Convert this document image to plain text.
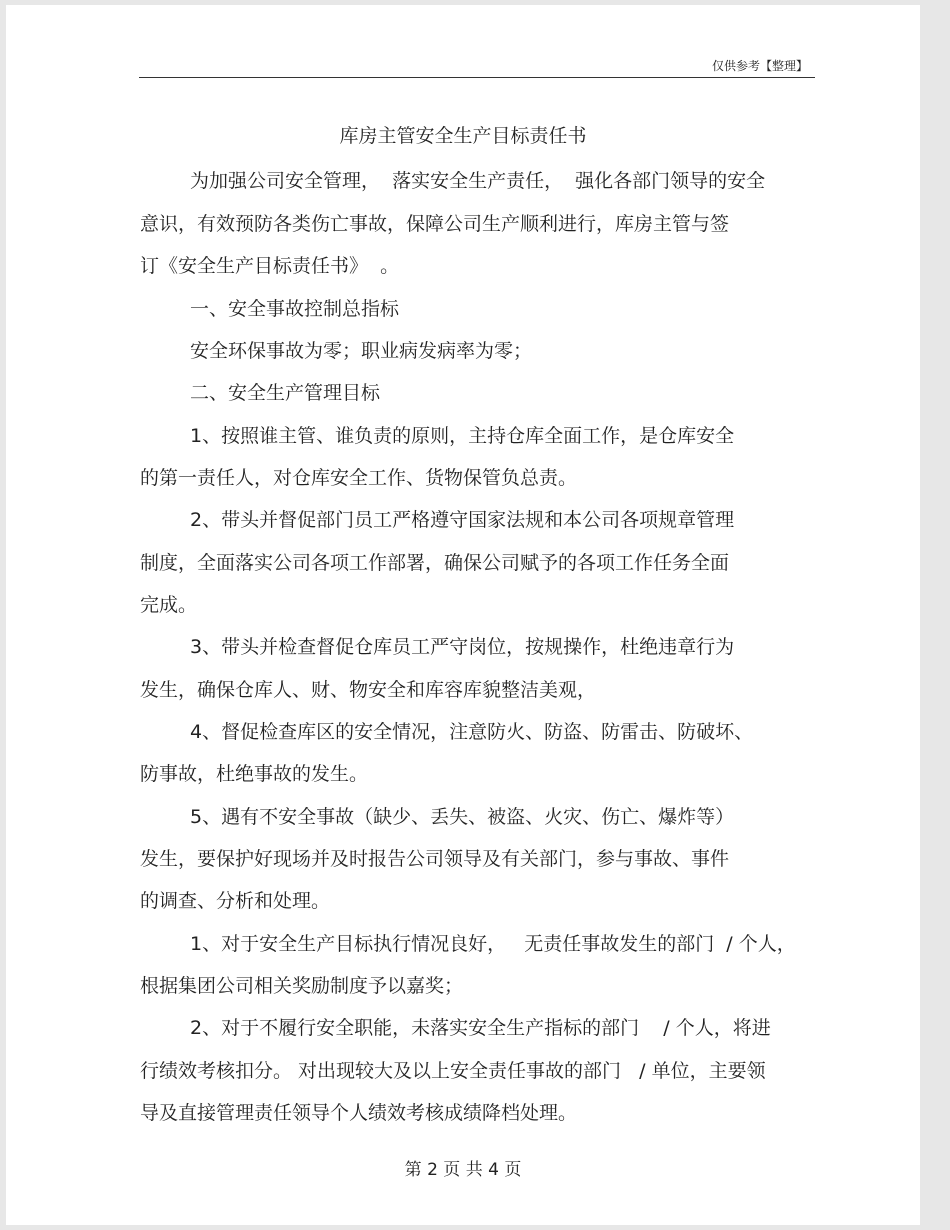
仅供参考【整理】
库房主管安全生产目标责任书
为加强公司安全管理，  落实安全生产责任，  强化各部门领导的安全
意识，有效预防各类伤亡事故，保障公司生产顺利进行，库房主管与签
订《安全生产目标责任书》  。
一、安全事故控制总指标
安全环保事故为零；职业病发病率为零；
二、安全生产管理目标
1、按照谁主管、谁负责的原则，主持仓库全面工作，是仓库安全
的第一责任人，对仓库安全工作、货物保管负总责。
2、带头并督促部门员工严格遵守国家法规和本公司各项规章管理
制度，全面落实公司各项工作部署，确保公司赋予的各项工作任务全面
完成。
3、带头并检查督促仓库员工严守岗位，按规操作，杜绝违章行为
发生，确保仓库人、财、物安全和库容库貌整洁美观，
4、督促检查库区的安全情况，注意防火、防盗、防雷击、防破坏、
防事故，杜绝事故的发生。
5、遇有不安全事故（缺少、丢失、被盗、火灾、伤亡、爆炸等）
发生，要保护好现场并及时报告公司领导及有关部门，参与事故、事件
的调查、分析和处理。
1、对于安全生产目标执行情况良好，   无责任事故发生的部门  / 个人，
根据集团公司相关奖励制度予以嘉奖；
2、对于不履行安全职能，未落实安全生产指标的部门    / 个人，将进
行绩效考核扣分。 对出现较大及以上安全责任事故的部门   / 单位，主要领
导及直接管理责任领导个人绩效考核成绩降档处理。
第 2 页 共 4 页
